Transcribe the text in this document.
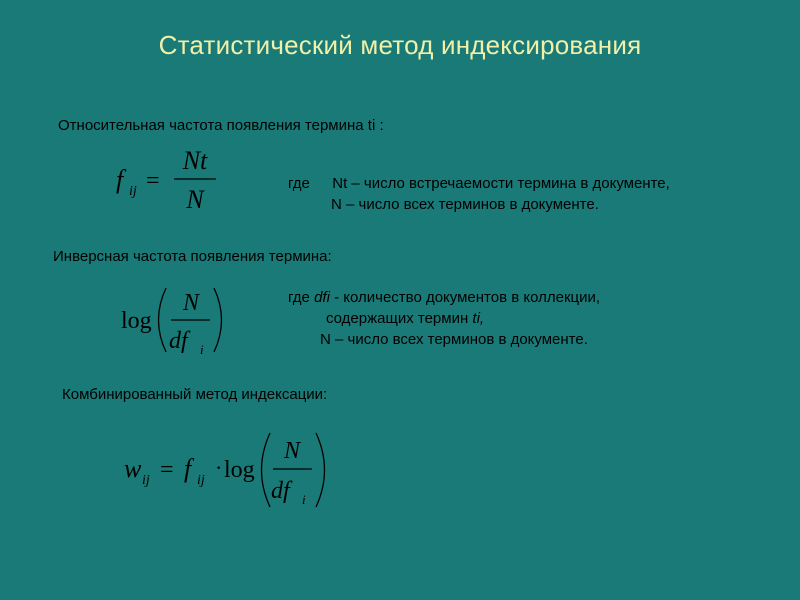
Статистический метод индексирования
Относительная частота появления термина ti :
f ij =
Nt
N
где Nt – число встречаемости термина в документе,
N – число всех терминов в документе.
Инверсная частота появления термина:
log
N
df i
где dfi - количество документов в коллекции,
содержащих термин ti,
N – число всех терминов в документе.
Комбинированный метод индексации:
w ij = f ij
· log
N
df i
